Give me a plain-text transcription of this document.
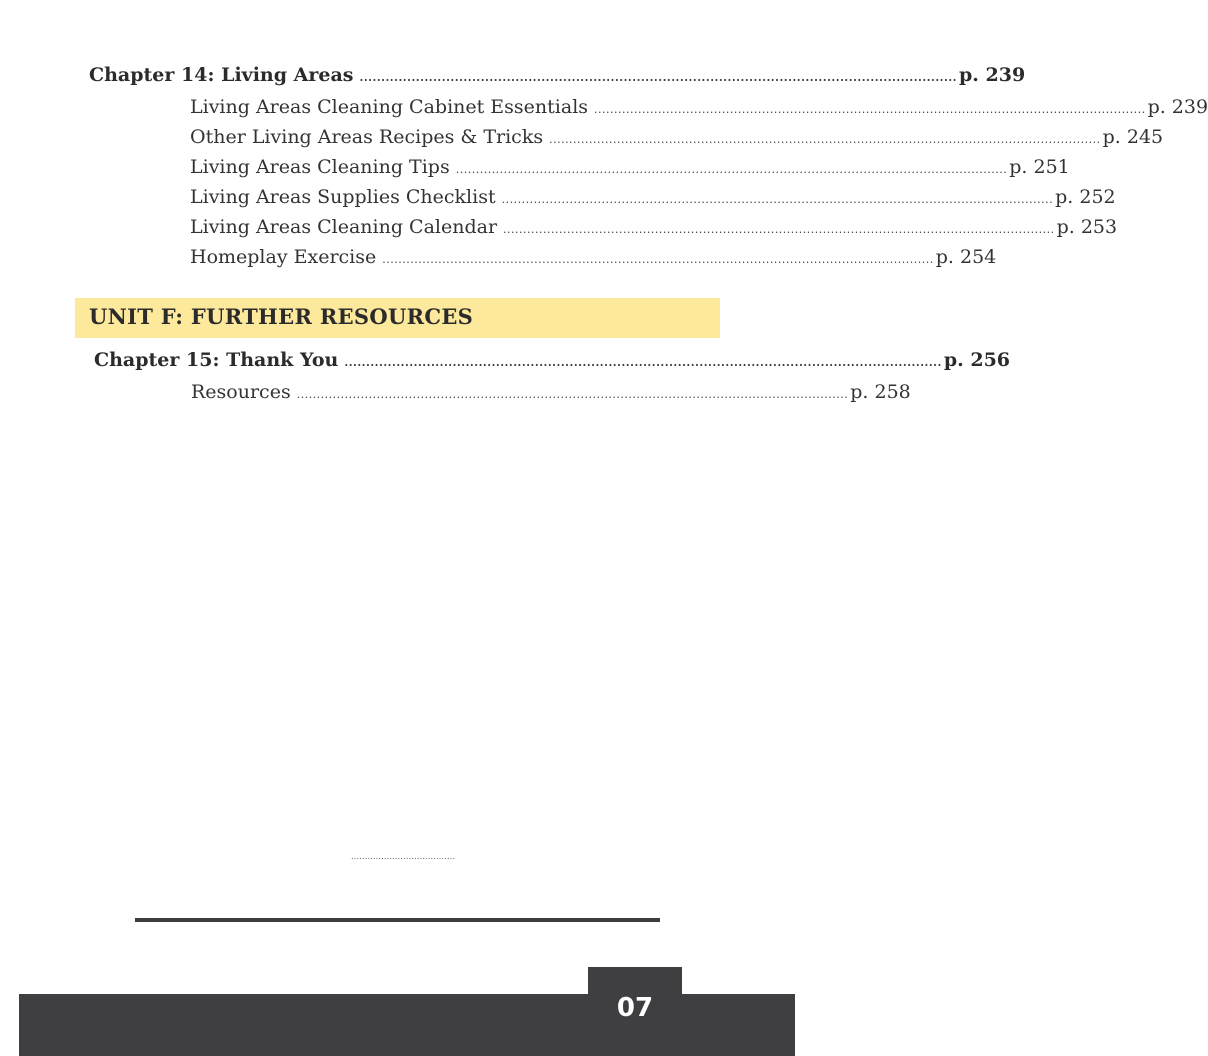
Chapter 14: Living Areas .......................................................................................................................................... p. 239
Living Areas Cleaning Cabinet Essentials .......................................................................................................................................... p. 239
Other Living Areas Recipes & Tricks .......................................................................................................................................... p. 245
Living Areas Cleaning Tips .......................................................................................................................................... p. 251
Living Areas Supplies Checklist .......................................................................................................................................... p. 252
Living Areas Cleaning Calendar .......................................................................................................................................... p. 253
Homeplay Exercise .......................................................................................................................................... p. 254
UNIT F: FURTHER RESOURCES
Chapter 15: Thank You .......................................................................................................................................... p. 256
Resources .......................................................................................................................................... p. 258
......................................
07
